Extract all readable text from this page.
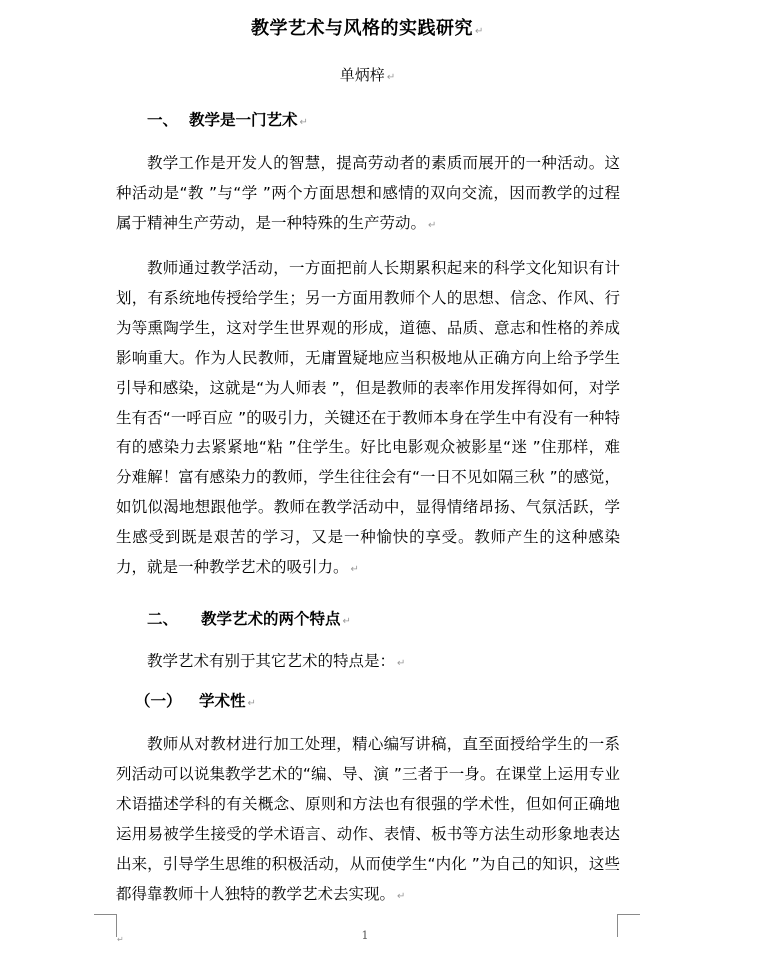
教学艺术与风格的实践研究 ↵
单炳梓 ↵
一、 教学是一门艺术 ↵

教学工作是开发人的智慧，提高劳动者的素质而展开的一种活动。这种活动是“教 ”与“学 ”两个方面思想和感情的双向交流，因而教学的过程属于精神生产劳动，是一种特殊的生产劳动。 ↵

教师通过教学活动，一方面把前人长期累积起来的科学文化知识有计划，有系统地传授给学生；另一方面用教师个人的思想、信念、作风、行为等熏陶学生，这对学生世界观的形成，道德、品质、意志和性格的养成影响重大。作为人民教师，无庸置疑地应当积极地从正确方向上给予学生引导和感染，这就是“为人师表 ”，但是教师的表率作用发挥得如何，对学生有否“一呼百应 ”的吸引力，关键还在于教师本身在学生中有没有一种特有的感染力去紧紧地“粘 ”住学生。好比电影观众被影星“迷 ”住那样，难分难解！富有感染力的教师，学生往往会有“一日不见如隔三秋 ”的感觉，如饥似渴地想跟他学。教师在教学活动中，显得情绪昂扬、气氛活跃，学生感受到既是艰苦的学习，又是一种愉快的享受。教师产生的这种感染力，就是一种教学艺术的吸引力。 ↵

二、 教学艺术的两个特点 ↵
教学艺术有别于其它艺术的特点是： ↵
（一） 学术性 ↵

教师从对教材进行加工处理，精心编写讲稿，直至面授给学生的一系列活动可以说集教学艺术的“编、导、演 ”三者于一身。在课堂上运用专业术语描述学科的有关概念、原则和方法也有很强的学术性，但如何正确地运用易被学生接受的学术语言、动作、表情、板书等方法生动形象地表达出来，引导学生思维的积极活动，从而使学生“内化 ”为自己的知识，这些都得靠教师十人独特的教学艺术去实现。 ↵

↵	1
